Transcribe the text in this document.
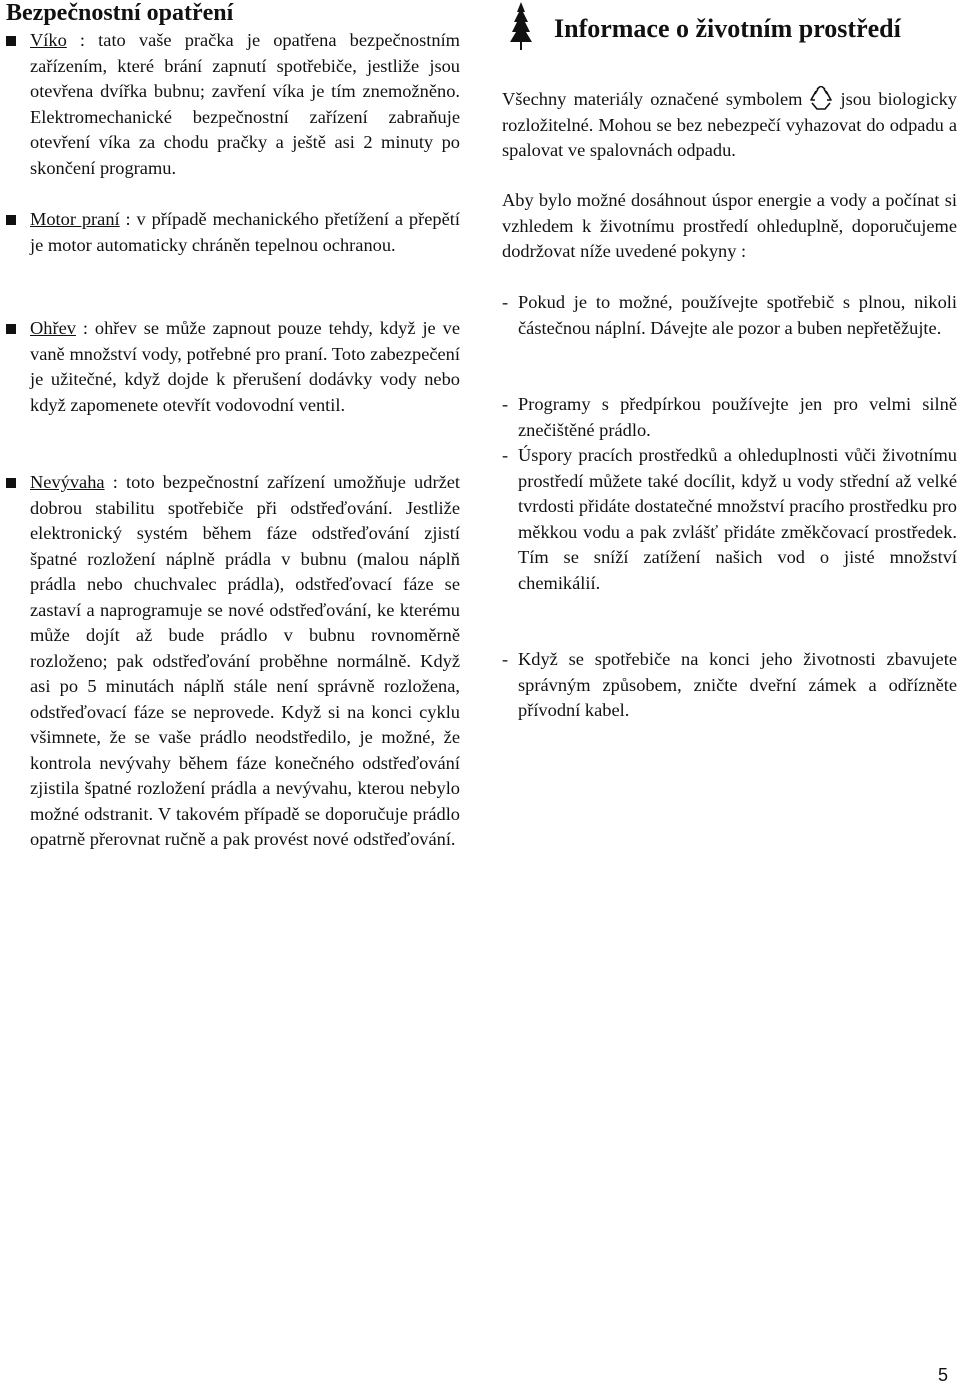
Bezpečnostní opatření
Víko : tato vaše pračka je opatřena bezpečnostním zařízením, které brání zapnutí spotřebiče, jestliže jsou otevřena dvířka bubnu; zavření víka je tím znemožněno. Elektromechanické bezpečnostní zařízení zabraňuje otevření víka za chodu pračky a ještě asi 2 minuty po skončení programu.
Motor praní : v případě mechanického přetížení a přepětí je motor automaticky chráněn tepelnou ochranou.
Ohřev : ohřev se může zapnout pouze tehdy, když je ve vaně množství vody, potřebné pro praní. Toto zabezpečení je užitečné, když dojde k přerušení dodávky vody nebo když zapomenete otevřít vodovodní ventil.
Nevývaha : toto bezpečnostní zařízení umožňuje udržet dobrou stabilitu spotřebiče při odstřeďování. Jestliže elektronický systém během fáze odstřeďování zjistí špatné rozložení náplně prádla v bubnu (malou náplň prádla nebo chuchvalec prádla), odstřeďovací fáze se zastaví a naprogramuje se nové odstřeďování, ke kterému může dojít až bude prádlo v bubnu rovnoměrně rozloženo; pak odstřeďování proběhne normálně. Když asi po 5 minutách náplň stále není správně rozložena, odstřeďovací fáze se neprovede. Když si na konci cyklu všimnete, že se vaše prádlo neodstředilo, je možné, že kontrola nevývahy během fáze konečného odstřeďování zjistila špatné rozložení prádla a nevývahu, kterou nebylo možné odstranit. V takovém případě se doporučuje prádlo opatrně přerovnat ručně a pak provést nové odstřeďování.
Informace o životním prostředí
Všechny materiály označené symbolem jsou biologicky rozložitelné. Mohou se bez nebezpečí vyhazovat do odpadu a spalovat ve spalovnách odpadu.
Aby bylo možné dosáhnout úspor energie a vody a počínat si vzhledem k životnímu prostředí ohleduplně, doporučujeme dodržovat níže uvedené pokyny :
- Pokud je to možné, používejte spotřebič s plnou, nikoli částečnou náplní. Dávejte ale pozor a buben nepřetěžujte.
- Programy s předpírkou používejte jen pro velmi silně znečištěné prádlo.
- Úspory pracích prostředků a ohleduplnosti vůči životnímu prostředí můžete také docílit, když u vody střední až velké tvrdosti přidáte dostatečné množství pracího prostředku pro měkkou vodu a pak zvlášť přidáte změkčovací prostředek. Tím se sníží zatížení našich vod o jisté množství chemikálií.
- Když se spotřebiče na konci jeho životnosti zbavujete správným způsobem, zničte dveřní zámek a odřízněte přívodní kabel.
5
